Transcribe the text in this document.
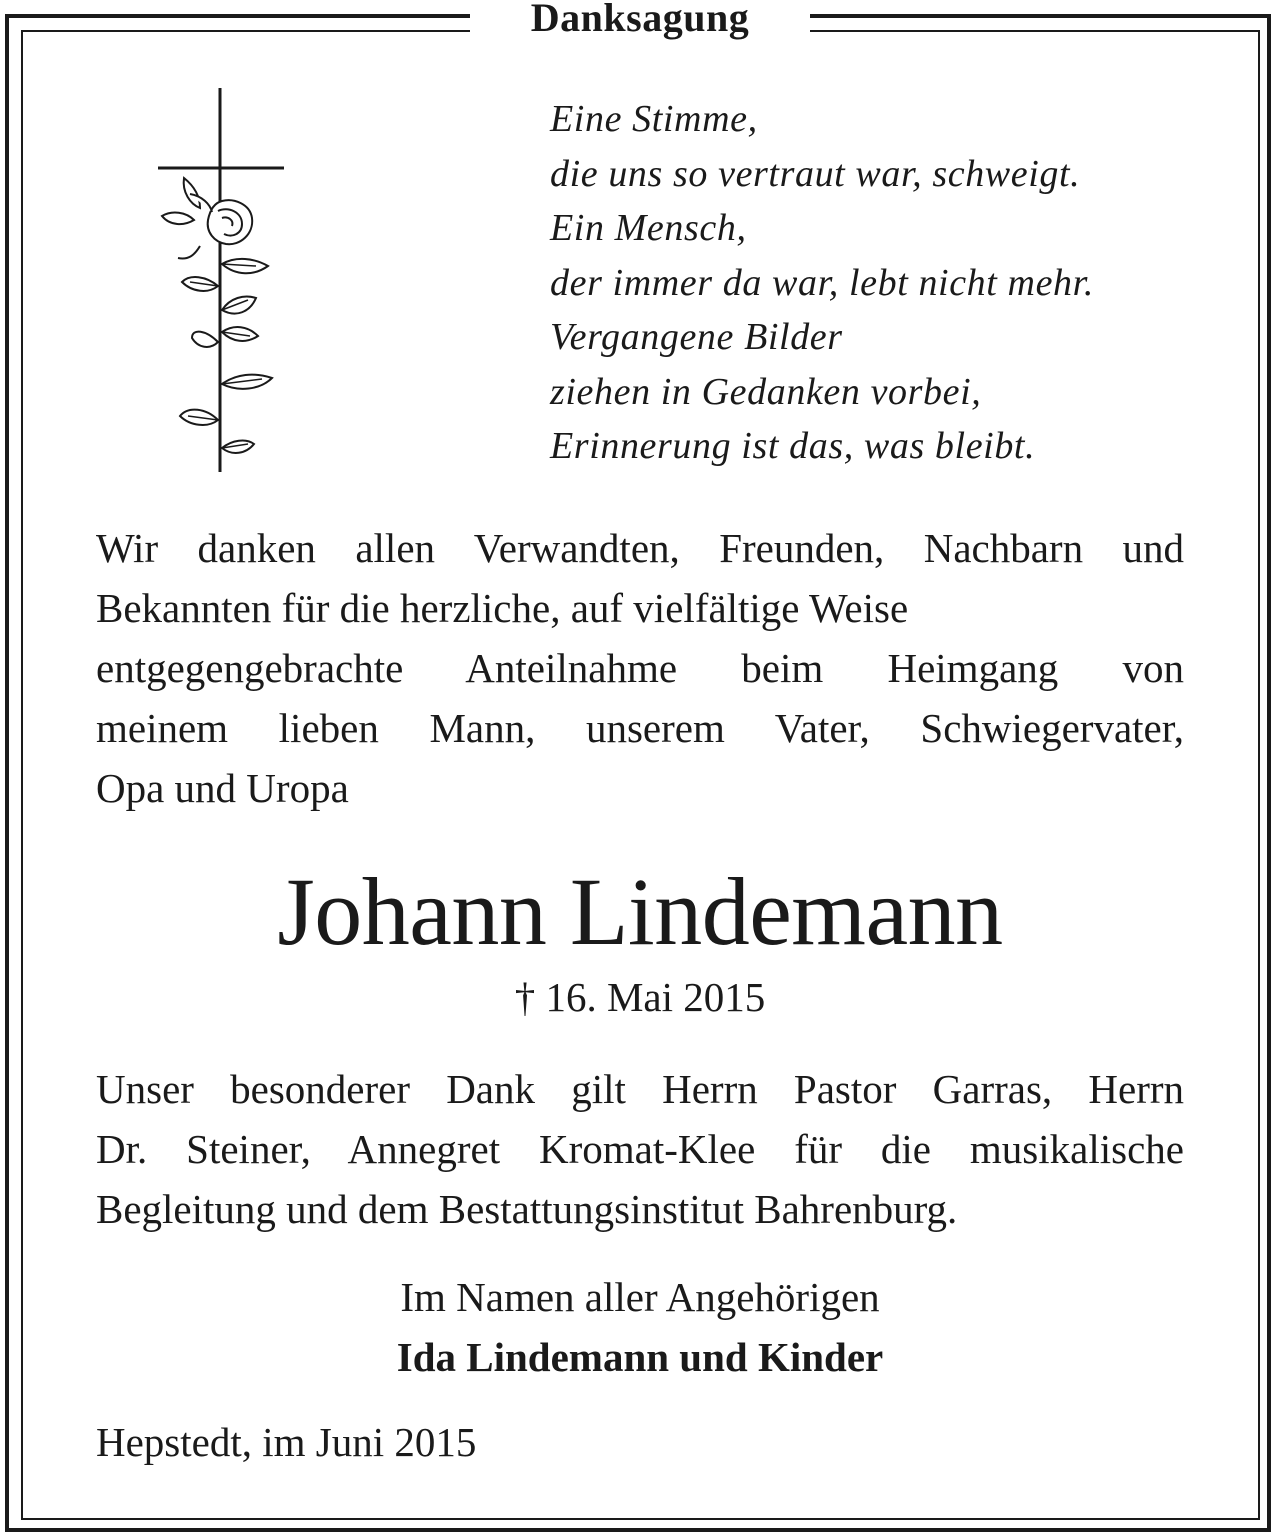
Danksagung
Eine Stimme,
die uns so vertraut war, schweigt.
Ein Mensch,
der immer da war, lebt nicht mehr.
Vergangene Bilder
ziehen in Gedanken vorbei,
Erinnerung ist das, was bleibt.
Wir danken allen Verwandten, Freunden, Nachbarn und
Bekannten für die herzliche, auf vielfältige Weise
entgegengebrachte Anteilnahme beim Heimgang von
meinem lieben Mann, unserem Vater, Schwiegervater,
Opa und Uropa
Johann Lindemann
† 16. Mai 2015
Unser besonderer Dank gilt Herrn Pastor Garras, Herrn
Dr. Steiner, Annegret Kromat-Klee für die musikalische
Begleitung und dem Bestattungsinstitut Bahrenburg.
Im Namen aller Angehörigen
Ida Lindemann und Kinder
Hepstedt, im Juni 2015
